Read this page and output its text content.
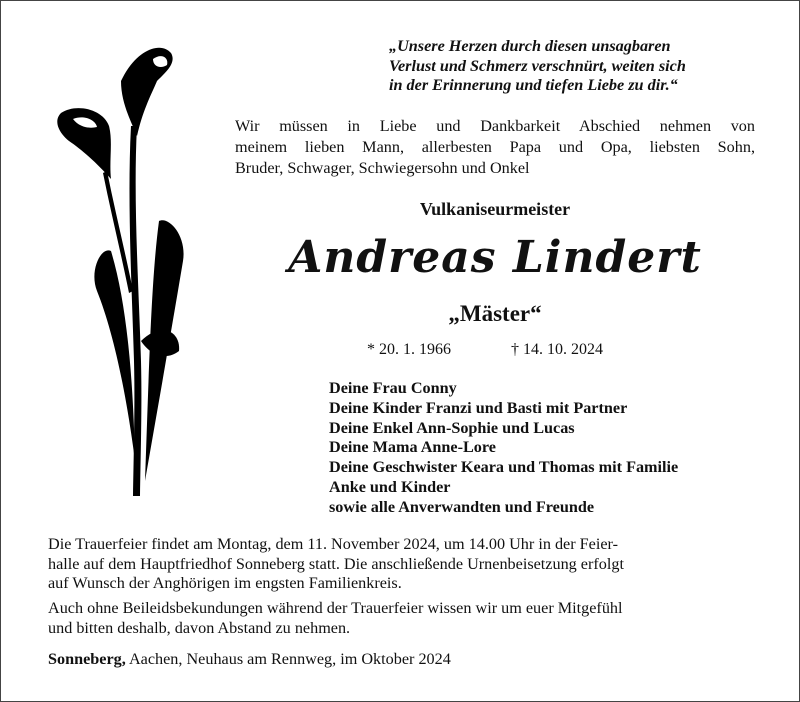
„Unsere Herzen durch diesen unsagbaren
Verlust und Schmerz verschnürt, weiten sich
in der Erinnerung und tiefen Liebe zu dir.“
Wir müssen in Liebe und Dankbarkeit Abschied nehmen von
meinem lieben Mann, allerbesten Papa und Opa, liebsten Sohn,
Bruder, Schwager, Schwiegersohn und Onkel
Vulkaniseurmeister
Andreas Lindert
„Mäster“
* 20. 1. 1966	† 14. 10. 2024
Deine Frau Conny
Deine Kinder Franzi und Basti mit Partner
Deine Enkel Ann-Sophie und Lucas
Deine Mama Anne-Lore
Deine Geschwister Keara und Thomas mit Familie
Anke und Kinder
sowie alle Anverwandten und Freunde
Die Trauerfeier findet am Montag, dem 11. November 2024, um 14.00 Uhr in der Feier-
halle auf dem Hauptfriedhof Sonneberg statt. Die anschließende Urnenbeisetzung erfolgt
auf Wunsch der Anghörigen im engsten Familienkreis.
Auch ohne Beileidsbekundungen während der Trauerfeier wissen wir um euer Mitgefühl
und bitten deshalb, davon Abstand zu nehmen.
Sonneberg, Aachen, Neuhaus am Rennweg, im Oktober 2024
